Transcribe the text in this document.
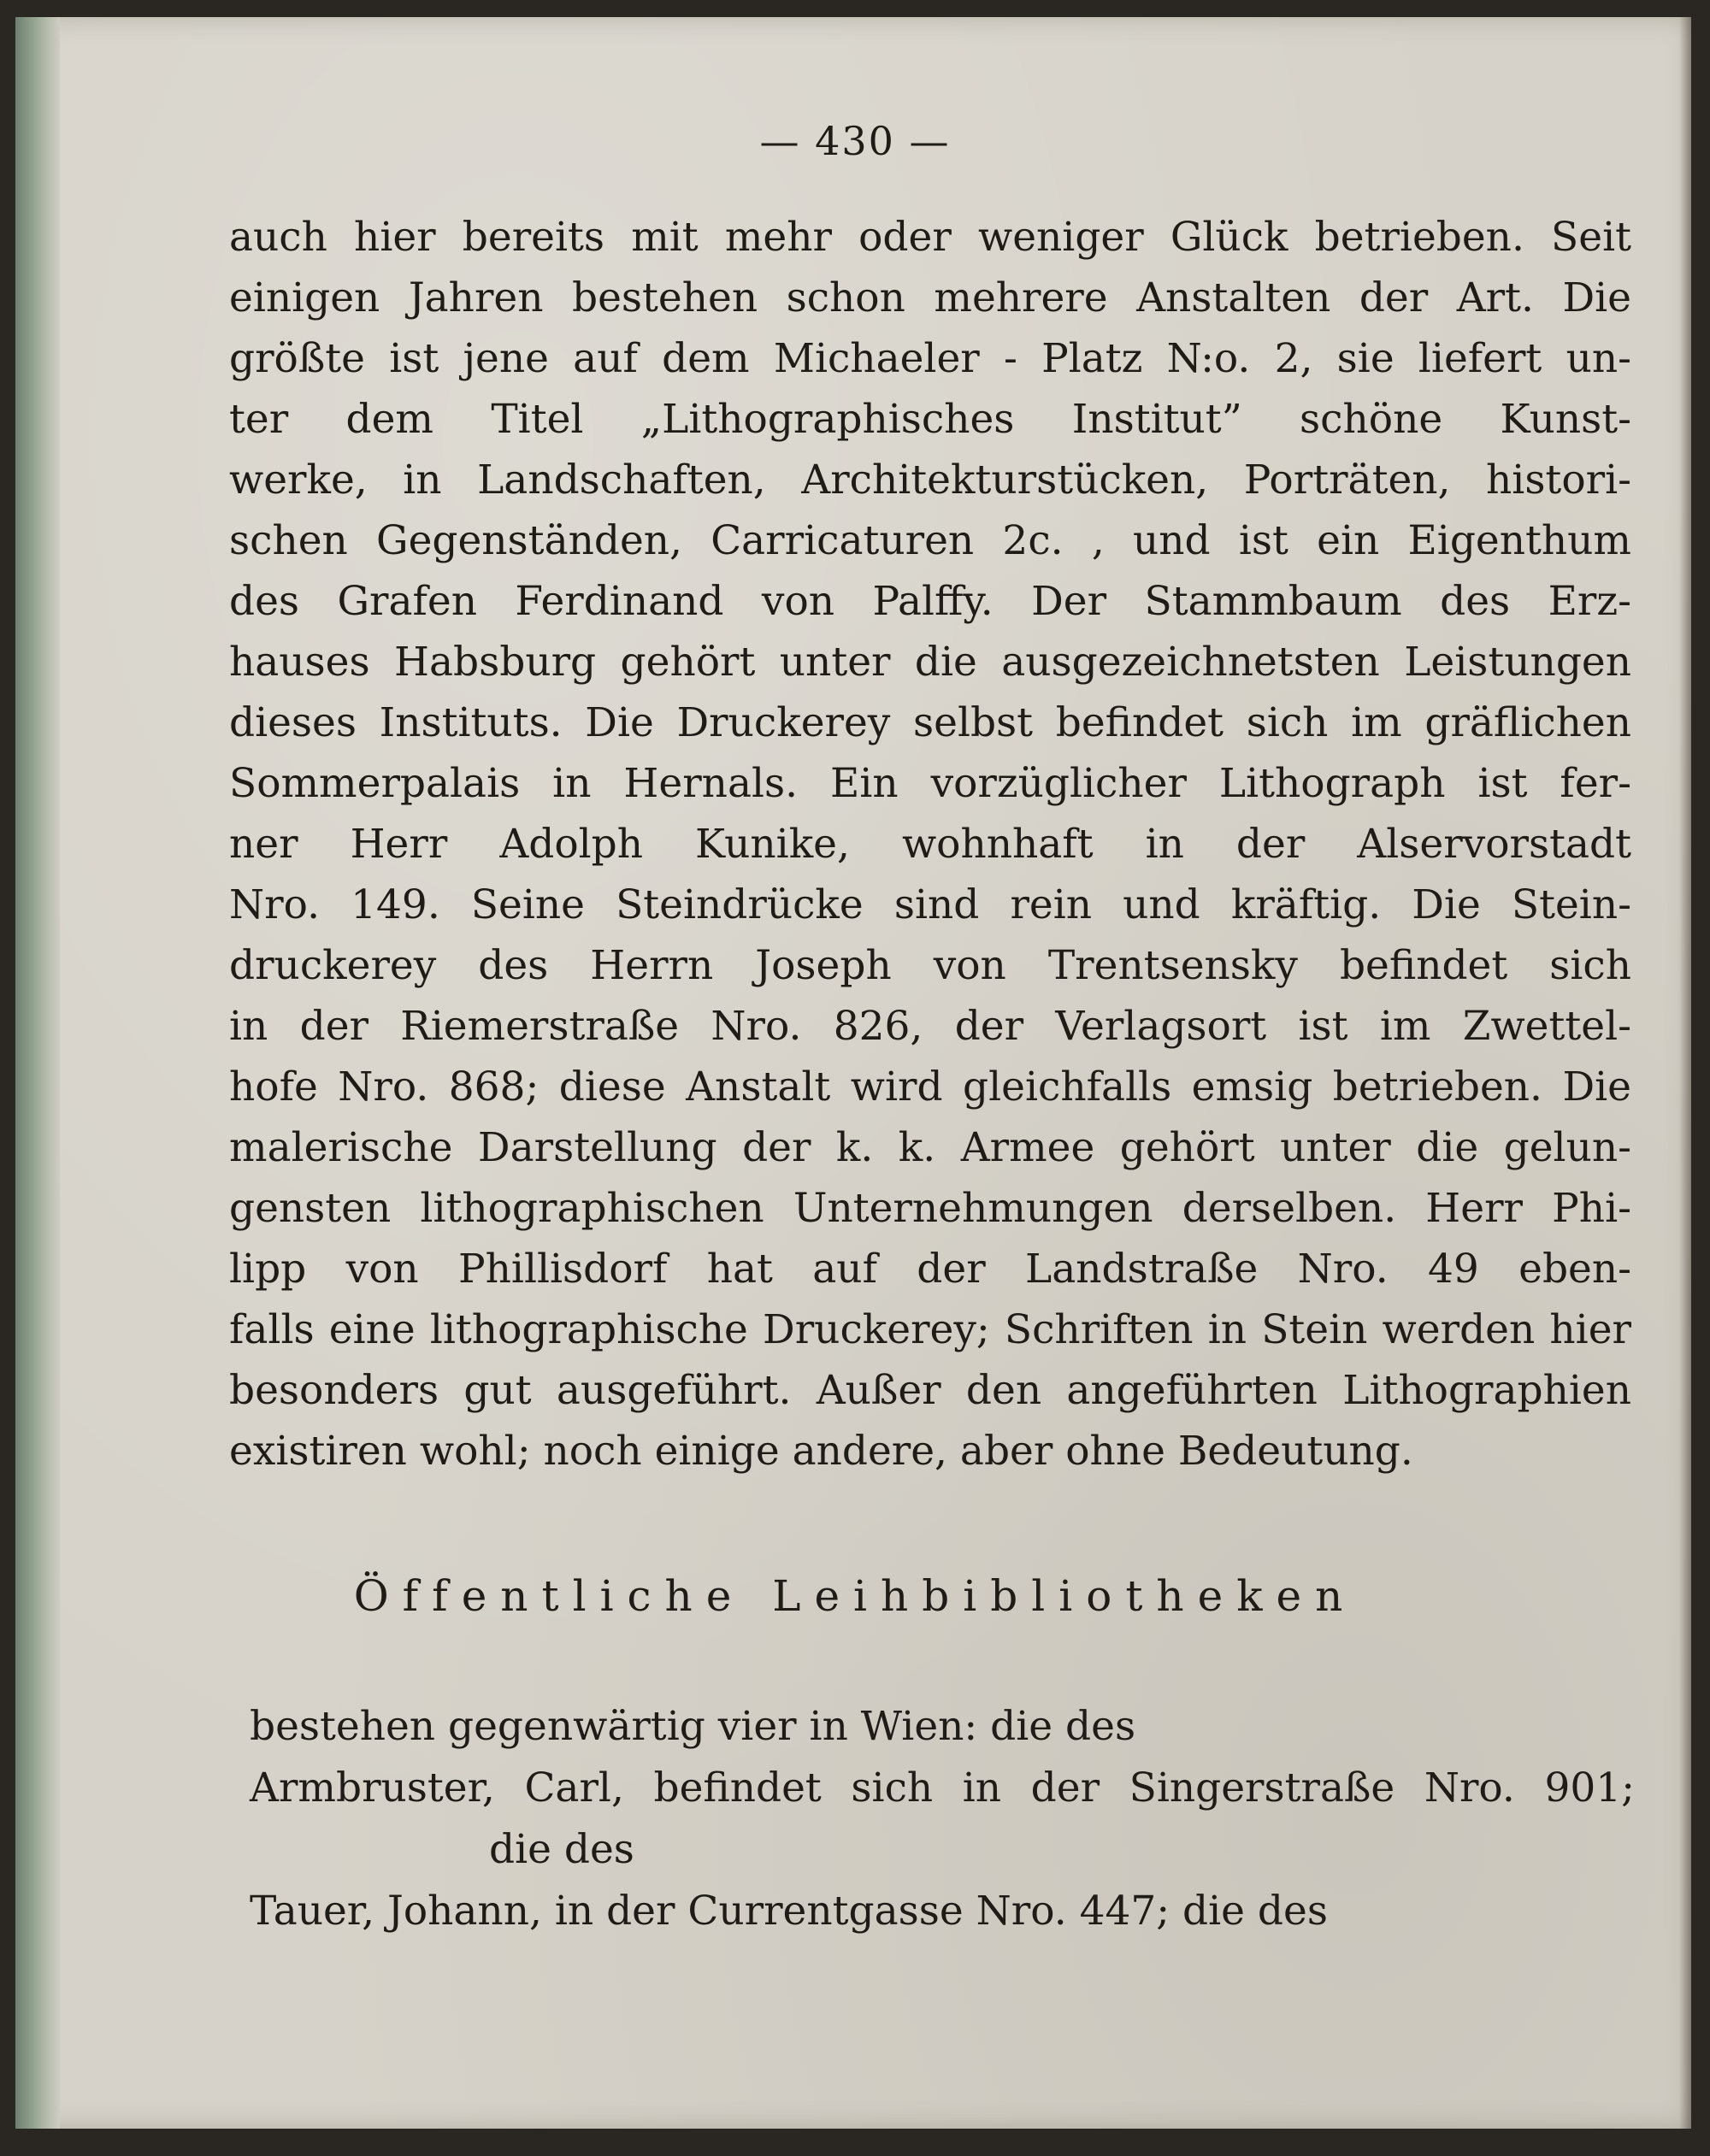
— 430 —
auch hier bereits mit mehr oder weniger Glück betrieben. Seit
einigen Jahren bestehen schon mehrere Anstalten der Art. Die
größte ist jene auf dem Michaeler - Platz N:o. 2, sie liefert un-
ter dem Titel „Lithographisches Institut” schöne Kunst-
werke, in Landschaften, Architekturstücken, Porträten, histori-
schen Gegenständen, Carricaturen 2c. , und ist ein Eigenthum
des Grafen Ferdinand von Palffy. Der Stammbaum des Erz-
hauses Habsburg gehört unter die ausgezeichnetsten Leistungen
dieses Instituts. Die Druckerey selbst befindet sich im gräflichen
Sommerpalais in Hernals. Ein vorzüglicher Lithograph ist fer-
ner Herr Adolph Kunike, wohnhaft in der Alservorstadt
Nro. 149. Seine Steindrücke sind rein und kräftig. Die Stein-
druckerey des Herrn Joseph von Trentsensky befindet sich
in der Riemerstraße Nro. 826, der Verlagsort ist im Zwettel-
hofe Nro. 868; diese Anstalt wird gleichfalls emsig betrieben. Die
malerische Darstellung der k. k. Armee gehört unter die gelun-
gensten lithographischen Unternehmungen derselben. Herr Phi-
lipp von Phillisdorf hat auf der Landstraße Nro. 49 eben-
falls eine lithographische Druckerey; Schriften in Stein werden hier
besonders gut ausgeführt. Außer den angeführten Lithographien
existiren wohl; noch einige andere, aber ohne Bedeutung.
Öffentliche Leihbibliotheken
bestehen gegenwärtig vier in Wien: die des
Armbruster, Carl, befindet sich in der Singerstraße Nro. 901;
die des
Tauer, Johann, in der Currentgasse Nro. 447; die des
